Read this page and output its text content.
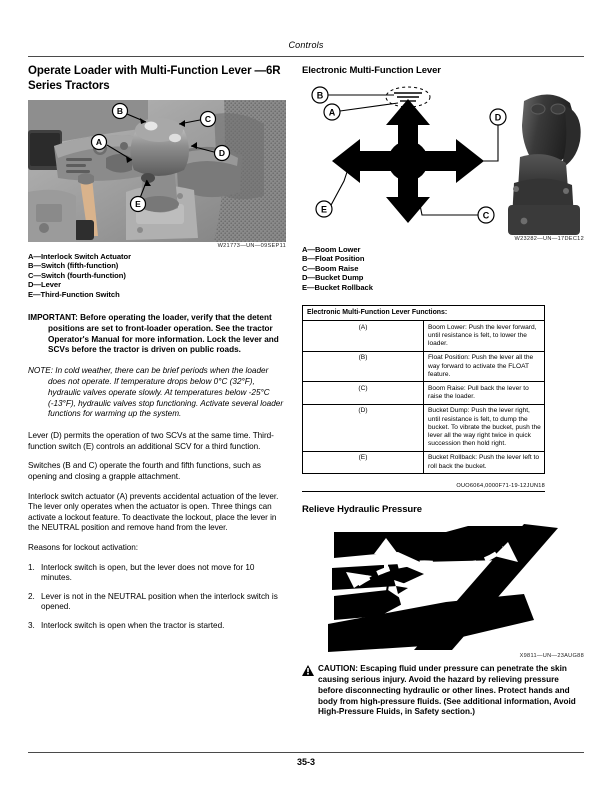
Controls
Operate Loader with Multi-Function Lever —6R Series Tractors
B
C
D
A
E
W21773—UN—09SEP11
A—Interlock Switch Actuator
B—Switch (fifth-function)
C—Switch (fourth-function)
D—Lever
E—Third-Function Switch

IMPORTANT: Before operating the loader, verify that the detent positions are set to front-loader operation. See the tractor Operator's Manual for more information. Lock the lever and SCVs before the tractor is driven on public roads.

NOTE: In cold weather, there can be brief periods when the loader does not operate. If temperature drops below 0°C (32°F), hydraulic valves operate slowly. At temperatures below -25°C (-13°F), hydraulic valves stop functioning. Activate several loader functions for warming up the system.

Lever (D) permits the operation of two SCVs at the same time. Third-function switch (E) controls an additional SCV for a third function.

Switches (B and C) operate the fourth and fifth functions, such as opening and closing a grapple attachment.

Interlock switch actuator (A) prevents accidental actuation of the lever. The lever only operates when the actuator is open. Three things can activate a lockout feature. To deactivate the lockout, place the lever in the NEUTRAL position and remove hand from the lever.

Reasons for lockout activation:

1. Interlock switch is open, but the lever does not move for 10 minutes.
2. Lever is not in the NEUTRAL position when the interlock switch is opened.
3. Interlock switch is open when the tractor is started.
Electronic Multi-Function Lever
B
A	D
C
E
W23282—UN—17DEC12
A—Boom Lower
B—Float Position
C—Boom Raise
D—Bucket Dump
E—Bucket Rollback
Electronic Multi-Function Lever Functions:	
(A)	Boom Lower: Push the lever forward, until resistance is felt, to lower the loader.
(B)	Float Position: Push the lever all the way forward to activate the FLOAT feature.
(C)	Boom Raise: Pull back the lever to raise the loader.
(D)	Bucket Dump: Push the lever right, until resistance is felt, to dump the bucket. To vibrate the bucket, push the lever all the way right twice in quick succession then hold right.
(E)	Bucket Rollback: Push the lever left to roll back the bucket.
OUO6064,0000F71-19-12JUN18
Relieve Hydraulic Pressure
X9811—UN—23AUG88
CAUTION: Escaping fluid under pressure can penetrate the skin causing serious injury. Avoid the hazard by relieving pressure before disconnecting hydraulic or other lines. Protect hands and body from high-pressure fluids. (See additional information, Avoid High-Pressure Fluids, in Safety section.)
35-3
